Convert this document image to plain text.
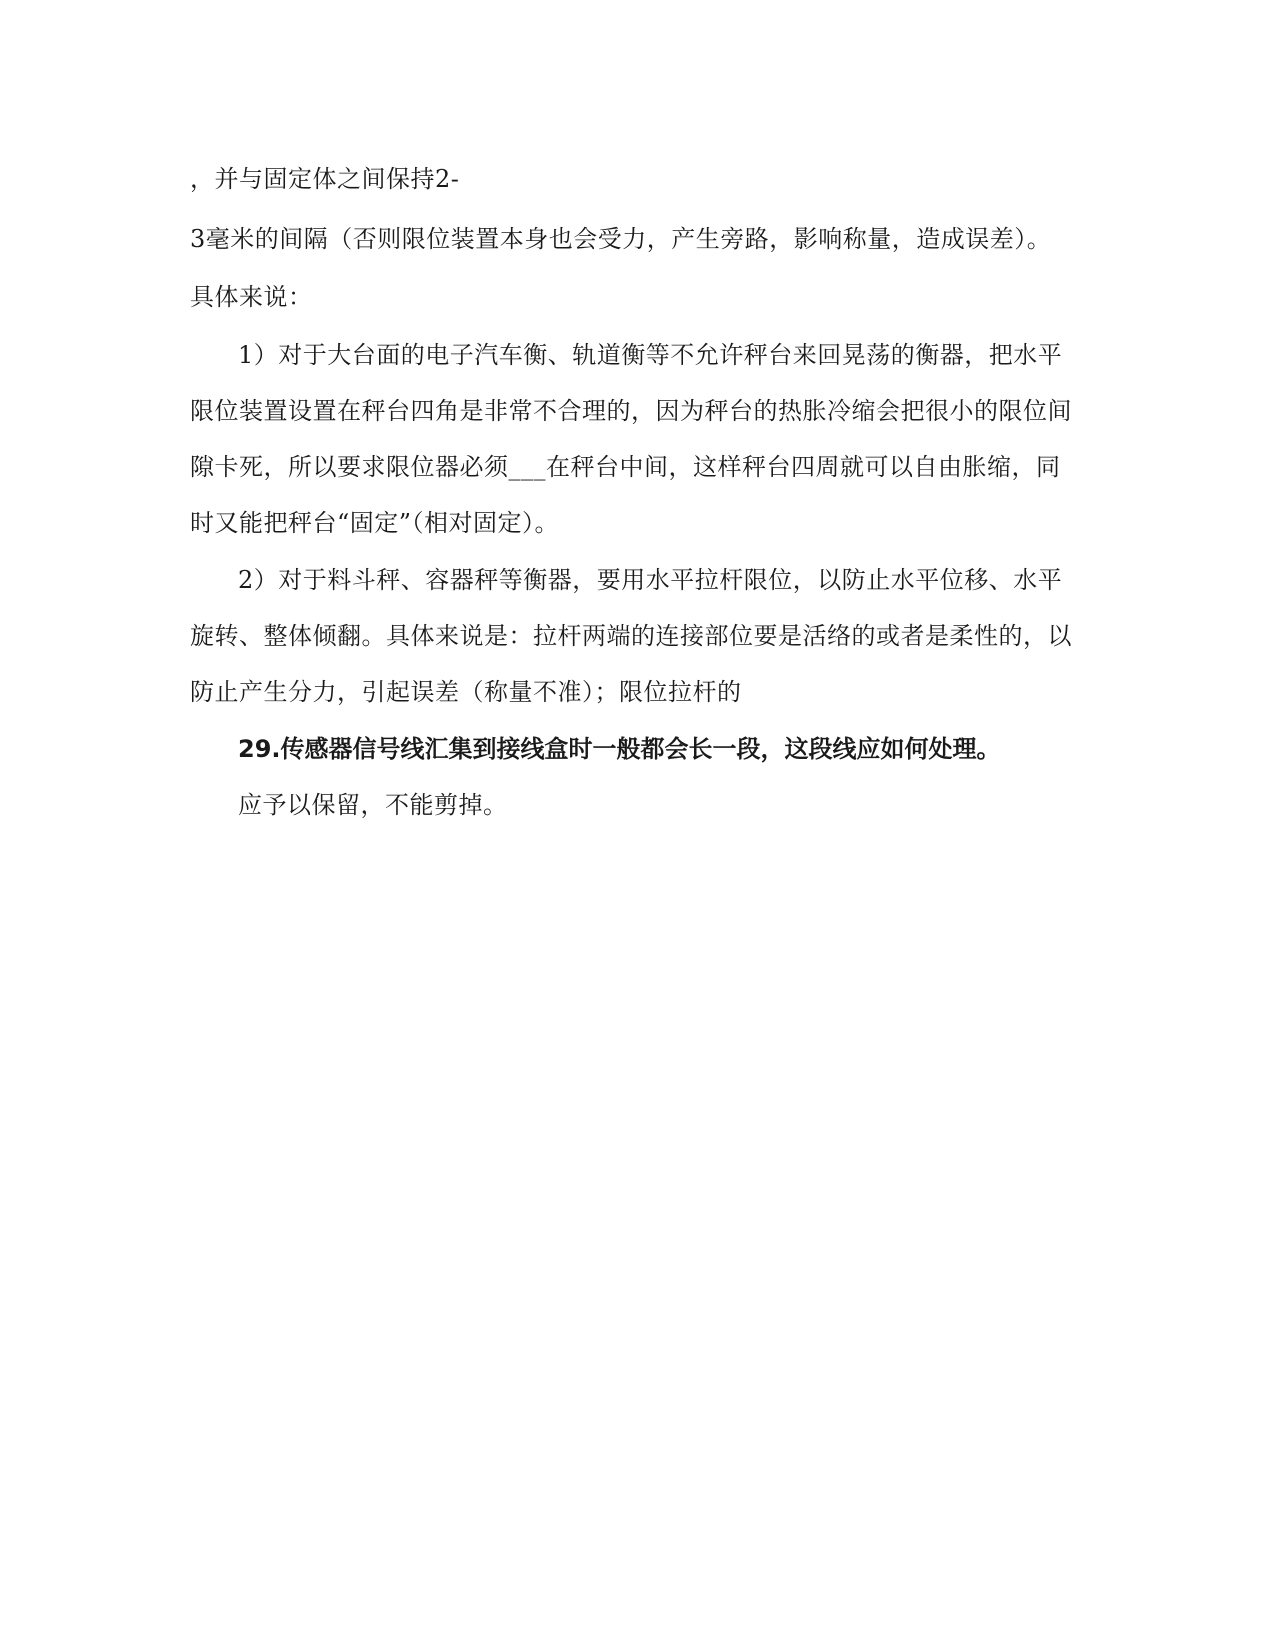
，并与固定体之间保持2-
3毫米的间隔（否则限位装置本身也会受力，产生旁路，影响称量，造成误差）。
具体来说：
1）对于大台面的电子汽车衡、轨道衡等不允许秤台来回晃荡的衡器，把水平
限位装置设置在秤台四角是非常不合理的，因为秤台的热胀冷缩会把很小的限位间
隙卡死，所以要求限位器必须___在秤台中间，这样秤台四周就可以自由胀缩，同
时又能把秤台“固定”（相对固定）。
2）对于料斗秤、容器秤等衡器，要用水平拉杆限位，以防止水平位移、水平
旋转、整体倾翻。具体来说是：拉杆两端的连接部位要是活络的或者是柔性的，以
防止产生分力，引起误差（称量不准）；限位拉杆的
29.传感器信号线汇集到接线盒时一般都会长一段，这段线应如何处理。
应予以保留，不能剪掉。
